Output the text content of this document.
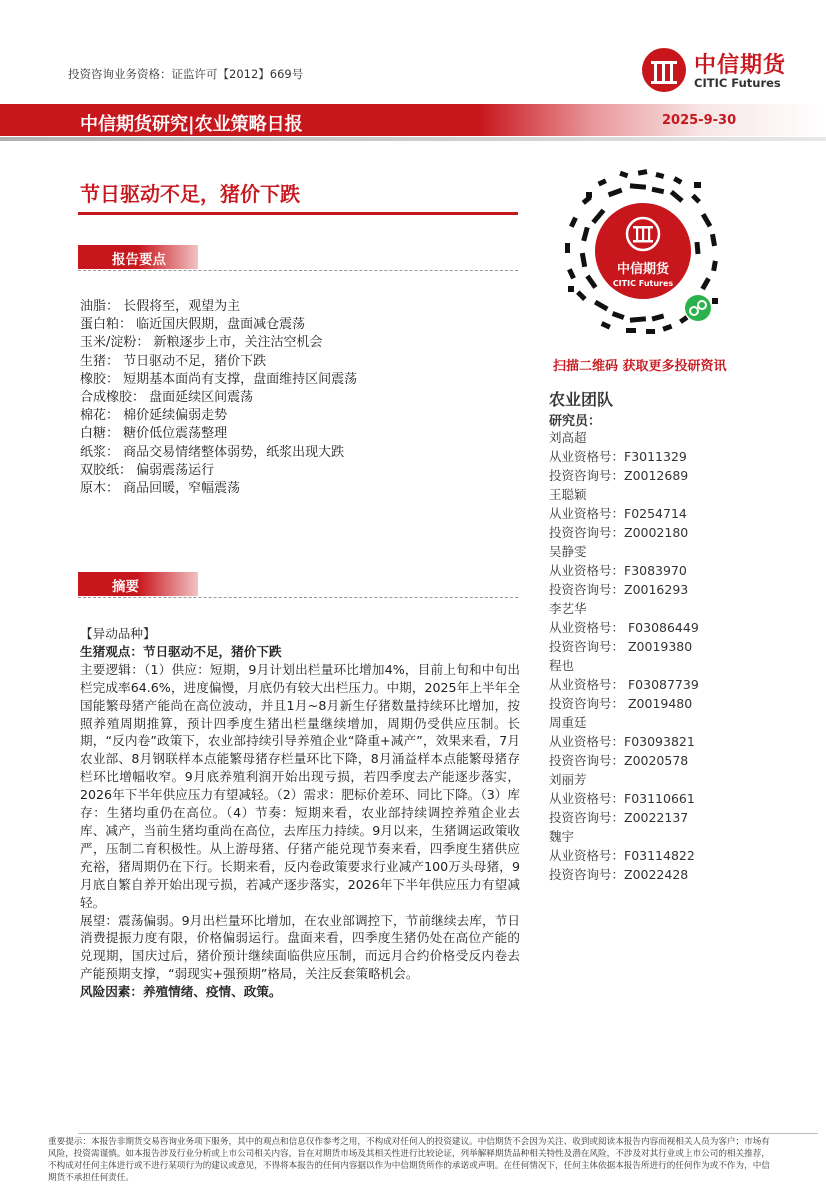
投资咨询业务资格：证监许可【2012】669号	中信期货
CITIC Futures
中信期货研究|农业策略日报	2025-9-30
节日驱动不足，猪价下跌
报告要点
油脂： 长假将至，观望为主
蛋白粕： 临近国庆假期，盘面减仓震荡
玉米/淀粉： 新粮逐步上市，关注沽空机会
生猪： 节日驱动不足，猪价下跌
橡胶： 短期基本面尚有支撑，盘面维持区间震荡
合成橡胶： 盘面延续区间震荡
棉花： 棉价延续偏弱走势
白糖： 糖价低位震荡整理
纸浆： 商品交易情绪整体弱势，纸浆出现大跌
双胶纸： 偏弱震荡运行
原木： 商品回暖，窄幅震荡
摘要

【异动品种】

生猪观点：节日驱动不足，猪价下跌

主要逻辑：（1）供应：短期，9月计划出栏量环比增加4%，目前上旬和中旬出栏完成率64.6%，进度偏慢，月底仍有较大出栏压力。中期，2025年上半年全国能繁母猪产能尚在高位波动，并且1月~8月新生仔猪数量持续环比增加，按照养殖周期推算，预计四季度生猪出栏量继续增加，周期仍受供应压制。长期，“反内卷”政策下，农业部持续引导养殖企业“降重+减产”，效果来看，7月农业部、8月钢联样本点能繁母猪存栏量环比下降，8月涌益样本点能繁母猪存栏环比增幅收窄。9月底养殖利润开始出现亏损，若四季度去产能逐步落实，2026年下半年供应压力有望减轻。（2）需求：肥标价差环、同比下降。（3）库存：生猪均重仍在高位。（4）节奏：短期来看，农业部持续调控养殖企业去库、减产，当前生猪均重尚在高位，去库压力持续。9月以来，生猪调运政策收严，压制二育积极性。从上游母猪、仔猪产能兑现节奏来看，四季度生猪供应充裕，猪周期仍在下行。长期来看，反内卷政策要求行业减产100万头母猪，9月底自繁自养开始出现亏损，若减产逐步落实，2026年下半年供应压力有望减轻。

展望：震荡偏弱。9月出栏量环比增加，在农业部调控下，节前继续去库，节日消费提振力度有限，价格偏弱运行。盘面来看，四季度生猪仍处在高位产能的兑现期，国庆过后，猪价预计继续面临供应压制，而远月合约价格受反内卷去产能预期支撑，“弱现实+强预期”格局，关注反套策略机会。

风险因素：养殖情绪、疫情、政策。

中信期货
CITIC Futures
扫描二维码 获取更多投研资讯
农业团队
研究员：
刘高超
从业资格号：F3011329
投资咨询号：Z0012689
王聪颖
从业资格号：F0254714
投资咨询号：Z0002180
吴静雯
从业资格号：F3083970
投资咨询号：Z0016293
李艺华
从业资格号： F03086449
投资咨询号： Z0019380
程也
从业资格号： F03087739
投资咨询号： Z0019480
周重廷
从业资格号：F03093821
投资咨询号：Z0020578
刘丽芳
从业资格号：F03110661
投资咨询号：Z0022137
魏宇
从业资格号：F03114822
投资咨询号：Z0022428
重要提示：本报告非期货交易咨询业务项下服务，其中的观点和信息仅作参考之用，不构成对任何人的投资建议。中信期货不会因为关注、收到或阅读本报告内容而视相关人员为客户；市场有风险，投资需谨慎。如本报告涉及行业分析或上市公司相关内容，旨在对期货市场及其相关性进行比较论证，列举解释期货品种相关特性及潜在风险，不涉及对其行业或上市公司的相关推荐，不构成对任何主体进行或不进行某项行为的建议或意见，不得将本报告的任何内容据以作为中信期货所作的承诺或声明。在任何情况下，任何主体依据本报告所进行的任何作为或不作为，中信期货不承担任何责任。
